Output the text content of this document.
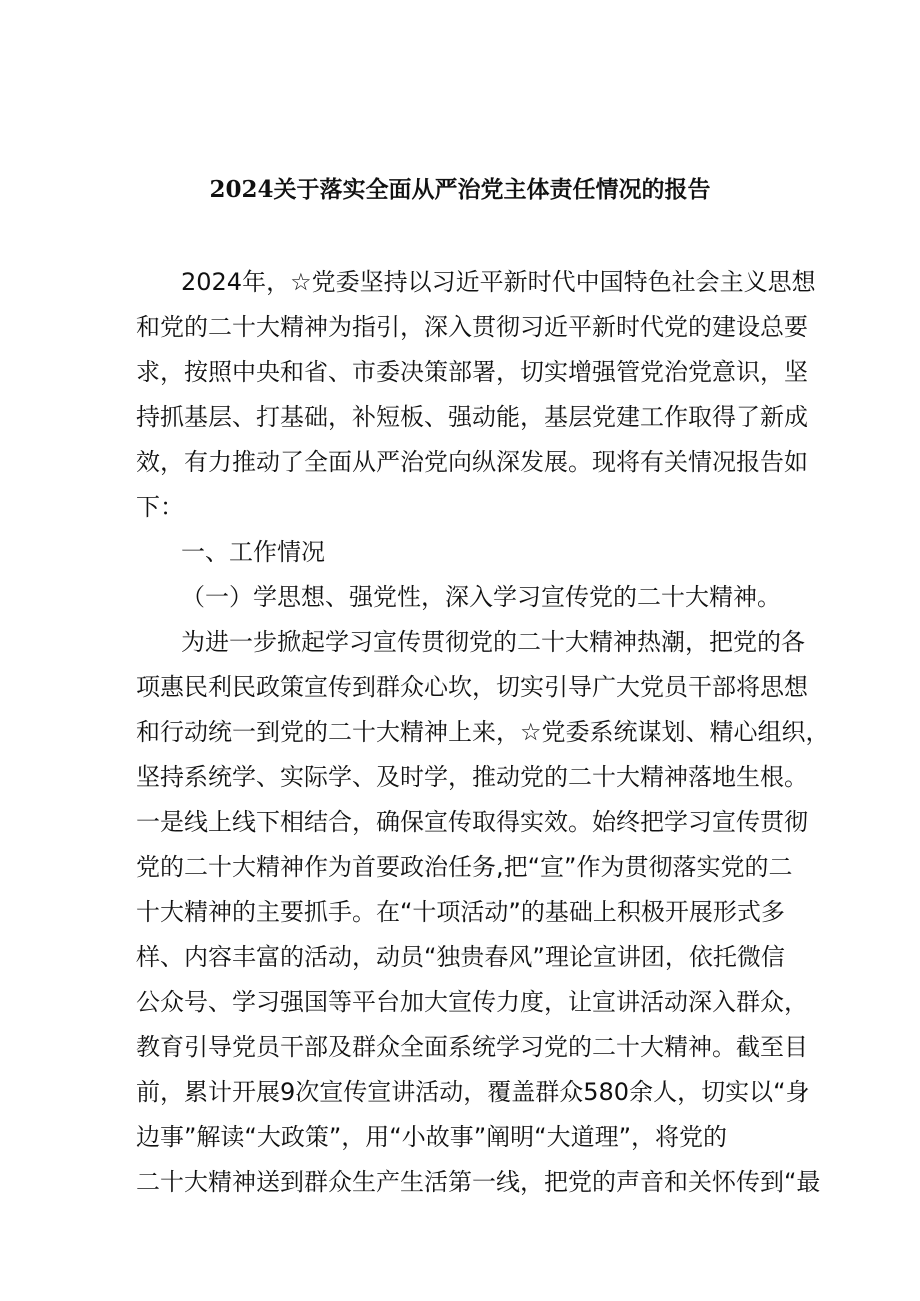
2024关于落实全面从严治党主体责任情况的报告

2024年，☆党委坚持以习近平新时代中国特色社会主义思想

和党的二十大精神为指引，深入贯彻习近平新时代党的建设总要

求，按照中央和省、市委决策部署，切实增强管党治党意识，坚

持抓基层、打基础，补短板、强动能，基层党建工作取得了新成

效，有力推动了全面从严治党向纵深发展。现将有关情况报告如

下：

一、工作情况

（一）学思想、强党性，深入学习宣传党的二十大精神。

为进一步掀起学习宣传贯彻党的二十大精神热潮，把党的各

项惠民利民政策宣传到群众心坎，切实引导广大党员干部将思想

和行动统一到党的二十大精神上来，☆党委系统谋划、精心组织，

坚持系统学、实际学、及时学，推动党的二十大精神落地生根。

一是线上线下相结合，确保宣传取得实效。始终把学习宣传贯彻

党的二十大精神作为首要政治任务,把“宣”作为贯彻落实党的二

十大精神的主要抓手。在“十项活动”的基础上积极开展形式多

样、内容丰富的活动，动员“独贵春风”理论宣讲团，依托微信

公众号、学习强国等平台加大宣传力度，让宣讲活动深入群众，

教育引导党员干部及群众全面系统学习党的二十大精神。截至目

前，累计开展9次宣传宣讲活动，覆盖群众580余人，切实以“身

边事”解读“大政策”，用“小故事”阐明“大道理”，将党的

二十大精神送到群众生产生活第一线，把党的声音和关怀传到“最
